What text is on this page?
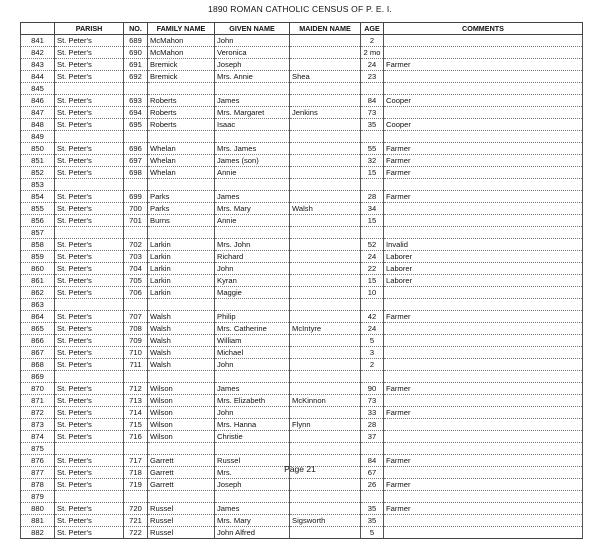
1890 ROMAN CATHOLIC CENSUS OF P. E. I.
	PARISH	NO.	FAMILY NAME	GIVEN NAME	MAIDEN NAME	AGE	COMMENTS
841	St. Peter's	689	McMahon	John		2	
842	St. Peter's	690	McMahon	Veronica		2 mo	
843	St. Peter's	691	Bremick	Joseph		24	Farmer
844	St. Peter's	692	Bremick	Mrs. Annie	Shea	23	
845							
846	St. Peter's	693	Roberts	James		84	Cooper
847	St. Peter's	694	Roberts	Mrs. Margaret	Jenkins	73	
848	St. Peter's	695	Roberts	Isaac		35	Cooper
849							
850	St. Peter's	696	Whelan	Mrs. James		55	Farmer
851	St. Peter's	697	Whelan	James (son)		32	Farmer
852	St. Peter's	698	Whelan	Annie		15	Farmer
853							
854	St. Peter's	699	Parks	James		28	Farmer
855	St. Peter's	700	Parks	Mrs. Mary	Walsh	34	
856	St. Peter's	701	Burns	Annie		15	
857							
858	St. Peter's	702	Larkin	Mrs. John		52	Invalid
859	St. Peter's	703	Larkin	Richard		24	Laborer
860	St. Peter's	704	Larkin	John		22	Laborer
861	St. Peter's	705	Larkin	Kyran		15	Laborer
862	St. Peter's	706	Larkin	Maggie		10	
863							
864	St. Peter's	707	Walsh	Philip		42	Farmer
865	St. Peter's	708	Walsh	Mrs. Catherine	McIntyre	24	
866	St. Peter's	709	Walsh	William		5	
867	St. Peter's	710	Walsh	Michael		3	
868	St. Peter's	711	Walsh	John		2	
869							
870	St. Peter's	712	Wilson	James		90	Farmer
871	St. Peter's	713	Wilson	Mrs. Elizabeth	McKinnon	73	
872	St. Peter's	714	Wilson	John		33	Farmer
873	St. Peter's	715	Wilson	Mrs. Hanna	Flynn	28	
874	St. Peter's	716	Wilson	Christie		37	
875							
876	St. Peter's	717	Garrett	Russel		84	Farmer
877	St. Peter's	718	Garrett	Mrs.		67	
878	St. Peter's	719	Garrett	Joseph		26	Farmer
879							
880	St. Peter's	720	Russel	James		35	Farmer
881	St. Peter's	721	Russel	Mrs. Mary	Sigsworth	35	
882	St. Peter's	722	Russel	John Alfred		5	
Page 21
